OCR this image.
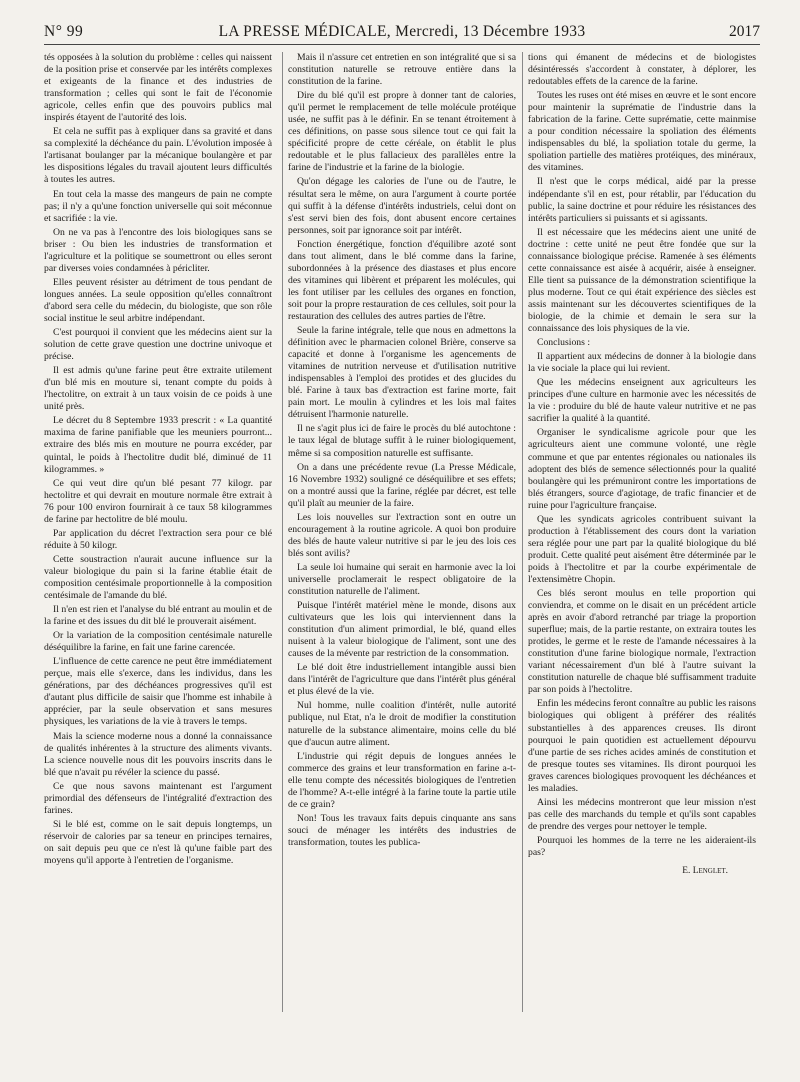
N° 99	LA PRESSE MÉDICALE, Mercredi, 13 Décembre 1933	2017

tés opposées à la solution du problème : celles qui naissent de la position prise et conservée par les intérêts complexes et exigeants de la finance et des industries de transformation ; celles qui sont le fait de l'économie agricole, celles enfin que des pouvoirs publics mal inspirés étayent de l'autorité des lois.

Et cela ne suffit pas à expliquer dans sa gravité et dans sa complexité la déchéance du pain. L'évolution imposée à l'artisanat boulanger par la mécanique boulangère et par les dispositions légales du travail ajoutent leurs difficultés à toutes les autres.

En tout cela la masse des mangeurs de pain ne compte pas; il n'y a qu'une fonction universelle qui soit méconnue et sacrifiée : la vie.

On ne va pas à l'encontre des lois biologiques sans se briser : Ou bien les industries de transformation et l'agriculture et la politique se soumettront ou elles seront par diverses voies condamnées à péricliter.

Elles peuvent résister au détriment de tous pendant de longues années. La seule opposition qu'elles connaîtront d'abord sera celle du médecin, du biologiste, que son rôle social institue le seul arbitre indépendant.

C'est pourquoi il convient que les médecins aient sur la solution de cette grave question une doctrine univoque et précise.

Il est admis qu'une farine peut être extraite utilement d'un blé mis en mouture si, tenant compte du poids à l'hectolitre, on extrait à un taux voisin de ce poids à une unité près.

Le décret du 8 Septembre 1933 prescrit : « La quantité maxima de farine panifiable que les meuniers pourront... extraire des blés mis en mouture ne pourra excéder, par quintal, le poids à l'hectolitre dudit blé, diminué de 11 kilogrammes. »

Ce qui veut dire qu'un blé pesant 77 kilogr. par hectolitre et qui devrait en mouture normale être extrait à 76 pour 100 environ fournirait à ce taux 58 kilogrammes de farine par hectolitre de blé moulu.

Par application du décret l'extraction sera pour ce blé réduite à 50 kilogr.

Cette soustraction n'aurait aucune influence sur la valeur biologique du pain si la farine établie était de composition centésimale proportionnelle à la composition centésimale de l'amande du blé.

Il n'en est rien et l'analyse du blé entrant au moulin et de la farine et des issues du dit blé le prouverait aisément.

Or la variation de la composition centésimale naturelle déséquilibre la farine, en fait une farine carencée.

L'influence de cette carence ne peut être immédiatement perçue, mais elle s'exerce, dans les individus, dans les générations, par des déchéances progressives qu'il est d'autant plus difficile de saisir que l'homme est inhabile à apprécier, par la seule observation et sans mesures physiques, les variations de la vie à travers le temps.

Mais la science moderne nous a donné la connaissance de qualités inhérentes à la structure des aliments vivants. La science nouvelle nous dit les pouvoirs inscrits dans le blé que n'avait pu révéler la science du passé.

Ce que nous savons maintenant est l'argument primordial des défenseurs de l'intégralité d'extraction des farines.

Si le blé est, comme on le sait depuis longtemps, un réservoir de calories par sa teneur en principes ternaires, on sait depuis peu que ce n'est là qu'une faible part des moyens qu'il apporte à l'entretien de l'organisme.

Mais il n'assure cet entretien en son intégralité que si sa constitution naturelle se retrouve entière dans la constitution de la farine.

Dire du blé qu'il est propre à donner tant de calories, qu'il permet le remplacement de telle molécule protéique usée, ne suffit pas à le définir. En se tenant étroitement à ces définitions, on passe sous silence tout ce qui fait la spécificité propre de cette céréale, on établit le plus redoutable et le plus fallacieux des parallèles entre la farine de l'industrie et la farine de la biologie.

Qu'on dégage les calories de l'une ou de l'autre, le résultat sera le même, on aura l'argument à courte portée qui suffit à la défense d'intérêts industriels, celui dont on s'est servi bien des fois, dont abusent encore certaines personnes, soit par ignorance soit par intérêt.

Fonction énergétique, fonction d'équilibre azoté sont dans tout aliment, dans le blé comme dans la farine, subordonnées à la présence des diastases et plus encore des vitamines qui libèrent et préparent les molécules, qui les font utiliser par les cellules des organes en fonction, soit pour la propre restauration de ces cellules, soit pour la restauration des cellules des autres parties de l'être.

Seule la farine intégrale, telle que nous en admettons la définition avec le pharmacien colonel Brière, conserve sa capacité et donne à l'organisme les agencements de vitamines de nutrition nerveuse et d'utilisation nutritive indispensables à l'emploi des protides et des glucides du blé. Farine à taux bas d'extraction est farine morte, fait pain mort. Le moulin à cylindres et les lois mal faites détruisent l'harmonie naturelle.

Il ne s'agit plus ici de faire le procès du blé autochtone : le taux légal de blutage suffit à le ruiner biologiquement, même si sa composition naturelle est suffisante.

On a dans une précédente revue (La Presse Médicale, 16 Novembre 1932) souligné ce déséquilibre et ses effets; on a montré aussi que la farine, réglée par décret, est telle qu'il plaît au meunier de la faire.

Les lois nouvelles sur l'extraction sont en outre un encouragement à la routine agricole. A quoi bon produire des blés de haute valeur nutritive si par le jeu des lois ces blés sont avilis?

La seule loi humaine qui serait en harmonie avec la loi universelle proclamerait le respect obligatoire de la constitution naturelle de l'aliment.

Puisque l'intérêt matériel mène le monde, disons aux cultivateurs que les lois qui interviennent dans la constitution d'un aliment primordial, le blé, quand elles nuisent à la valeur biologique de l'aliment, sont une des causes de la mévente par restriction de la consommation.

Le blé doit être industriellement intangible aussi bien dans l'intérêt de l'agriculture que dans l'intérêt plus général et plus élevé de la vie.

Nul homme, nulle coalition d'intérêt, nulle autorité publique, nul Etat, n'a le droit de modifier la constitution naturelle de la substance alimentaire, moins celle du blé que d'aucun autre aliment.

L'industrie qui régit depuis de longues années le commerce des grains et leur transformation en farine a-t-elle tenu compte des nécessités biologiques de l'entretien de l'homme? A-t-elle intégré à la farine toute la partie utile de ce grain?

Non! Tous les travaux faits depuis cinquante ans sans souci de ménager les intérêts des industries de transformation, toutes les publica-

tions qui émanent de médecins et de biologistes désintéressés s'accordent à constater, à déplorer, les redoutables effets de la carence de la farine.

Toutes les ruses ont été mises en œuvre et le sont encore pour maintenir la suprématie de l'industrie dans la fabrication de la farine. Cette suprématie, cette mainmise a pour condition nécessaire la spoliation des éléments indispensables du blé, la spoliation totale du germe, la spoliation partielle des matières protéiques, des minéraux, des vitamines.

Il n'est que le corps médical, aidé par la presse indépendante s'il en est, pour rétablir, par l'éducation du public, la saine doctrine et pour réduire les résistances des intérêts particuliers si puissants et si agissants.

Il est nécessaire que les médecins aient une unité de doctrine : cette unité ne peut être fondée que sur la connaissance biologique précise. Ramenée à ses éléments cette connaissance est aisée à acquérir, aisée à enseigner. Elle tient sa puissance de la démonstration scientifique la plus moderne. Tout ce qui était expérience des siècles est assis maintenant sur les découvertes scientifiques de la biologie, de la chimie et demain le sera sur la connaissance des lois physiques de la vie.

Conclusions :

Il appartient aux médecins de donner à la biologie dans la vie sociale la place qui lui revient.

Que les médecins enseignent aux agriculteurs les principes d'une culture en harmonie avec les nécessités de la vie : produire du blé de haute valeur nutritive et ne pas sacrifier la qualité à la quantité.

Organiser le syndicalisme agricole pour que les agriculteurs aient une commune volonté, une règle commune et que par ententes régionales ou nationales ils adoptent des blés de semence sélectionnés pour la qualité boulangère qui les prémuniront contre les importations de blés étrangers, source d'agiotage, de trafic financier et de ruine pour l'agriculture française.

Que les syndicats agricoles contribuent suivant la production à l'établissement des cours dont la variation sera réglée pour une part par la qualité biologique du blé produit. Cette qualité peut aisément être déterminée par le poids à l'hectolitre et par la courbe expérimentale de l'extensimètre Chopin.

Ces blés seront moulus en telle proportion qui conviendra, et comme on le disait en un précédent article après en avoir d'abord retranché par triage la proportion superflue; mais, de la partie restante, on extraira toutes les protides, le germe et le reste de l'amande nécessaires à la constitution d'une farine biologique normale, l'extraction variant nécessairement d'un blé à l'autre suivant la constitution naturelle de chaque blé suffisamment traduite par son poids à l'hectolitre.

Enfin les médecins feront connaître au public les raisons biologiques qui obligent à préférer des réalités substantielles à des apparences creuses. Ils diront pourquoi le pain quotidien est actuellement dépourvu d'une partie de ses riches acides aminés de constitution et de presque toutes ses vitamines. Ils diront pourquoi les graves carences biologiques provoquent les déchéances et les maladies.

Ainsi les médecins montreront que leur mission n'est pas celle des marchands du temple et qu'ils sont capables de prendre des verges pour nettoyer le temple.

Pourquoi les hommes de la terre ne les aideraient-ils pas?

E. Lenglet.
